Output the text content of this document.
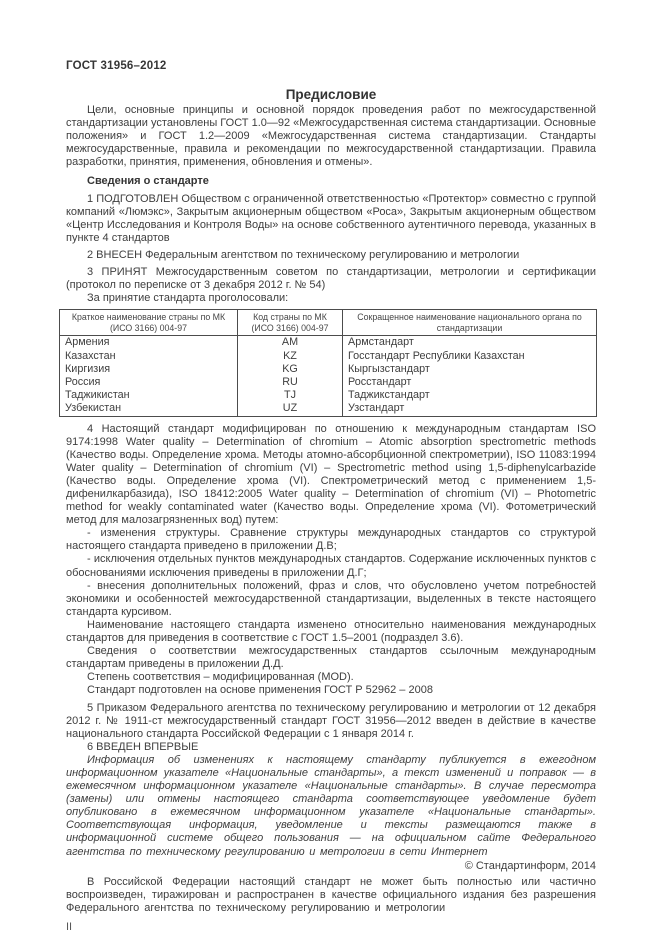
ГОСТ 31956–2012
Предисловие

Цели, основные принципы и основной порядок проведения работ по межгосударственной стандартизации установлены ГОСТ 1.0—92 «Межгосударственная система стандартизации. Основные положения» и ГОСТ 1.2—2009 «Межгосударственная система стандартизации. Стандарты межгосударственные, правила и рекомендации по межгосударственной стандартизации. Правила разработки, принятия, применения, обновления и отмены».

Сведения о стандарте

1 ПОДГОТОВЛЕН Обществом с ограниченной ответственностью «Протектор» совместно с группой компаний «Люмэкс», Закрытым акционерным обществом «Роса», Закрытым акционерным обществом «Центр Исследования и Контроля Воды» на основе собственного аутентичного перевода, указанных в пункте 4 стандартов

2 ВНЕСЕН Федеральным агентством по техническому регулированию и метрологии

3 ПРИНЯТ Межгосударственным советом по стандартизации, метрологии и сертификации (протокол по переписке от 3 декабря 2012 г. № 54)

За принятие стандарта проголосовали:

Краткое наименование страны по МК (ИСО 3166) 004-97	Код страны по МК (ИСО 3166) 004-97	Сокращенное наименование национального органа по стандартизации
Армения	AM	Армстандарт
Казахстан	KZ	Госстандарт Республики Казахстан
Киргизия	KG	Кыргызстандарт
Россия	RU	Росстандарт
Таджикистан	TJ	Таджикстандарт
Узбекистан	UZ	Узстандарт

4 Настоящий стандарт модифицирован по отношению к международным стандартам ISO 9174:1998 Water quality – Determination of chromium – Atomic absorption spectrometric methods (Качество воды. Определение хрома. Методы атомно-абсорбционной спектрометрии), ISO 11083:1994 Water quality – Determination of chromium (VI) – Spectrometric method using 1,5-diphenylcarbazide (Качество воды. Определение хрома (VI). Спектрометрический метод с применением 1,5-дифенилкарбазида), ISO 18412:2005 Water quality – Determination of chromium (VI) – Photometric method for weakly contaminated water (Качество воды. Определение хрома (VI). Фотометрический метод для малозагрязненных вод) путем:

- изменения структуры. Сравнение структуры международных стандартов со структурой настоящего стандарта приведено в приложении Д.В;

- исключения отдельных пунктов международных стандартов. Содержание исключенных пунктов с обоснованиями исключения приведены в приложении Д.Г;

- внесения дополнительных положений, фраз и слов, что обусловлено учетом потребностей экономики и особенностей межгосударственной стандартизации, выделенных в тексте настоящего стандарта курсивом.

Наименование настоящего стандарта изменено относительно наименования международных стандартов для приведения в соответствие с ГОСТ 1.5–2001 (подраздел 3.6).

Сведения о соответствии межгосударственных стандартов ссылочным международным стандартам приведены в приложении Д.Д.

Степень соответствия – модифицированная (MOD).

Стандарт подготовлен на основе применения ГОСТ Р 52962 – 2008

5 Приказом Федерального агентства по техническому регулированию и метрологии от 12 декабря 2012 г. № 1911-ст межгосударственный стандарт ГОСТ 31956—2012 введен в действие в качестве национального стандарта Российской Федерации с 1 января 2014 г.

6 ВВЕДЕН ВПЕРВЫЕ

Информация об изменениях к настоящему стандарту публикуется в ежегодном информационном указателе «Национальные стандарты», а текст изменений и поправок — в ежемесячном информационном указателе «Национальные стандарты». В случае пересмотра (замены) или отмены настоящего стандарта соответствующее уведомление будет опубликовано в ежемесячном информационном указателе «Национальные стандарты». Соответствующая информация, уведомление и тексты размещаются также в информационной системе общего пользования — на официальном сайте Федерального агентства по техническому регулированию и метрологии в сети Интернет

© Стандартинформ, 2014

В Российской Федерации настоящий стандарт не может быть полностью или частично воспроизведен, тиражирован и распространен в качестве официального издания без разрешения Федерального агентства по техническому регулированию и метрологии

II
